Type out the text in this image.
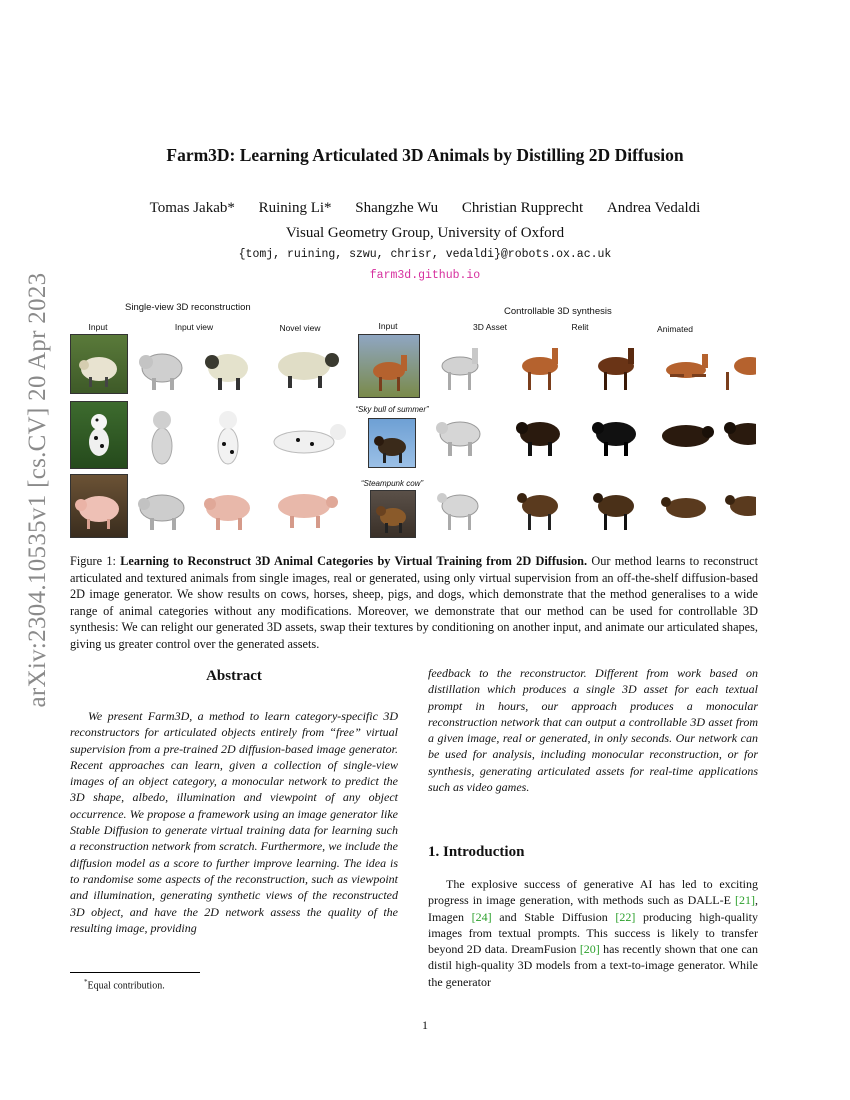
arXiv:2304.10535v1 [cs.CV] 20 Apr 2023
Farm3D: Learning Articulated 3D Animals by Distilling 2D Diffusion
Tomas Jakab* Ruining Li* Shangzhe Wu Christian Rupprecht Andrea Vedaldi
Visual Geometry Group, University of Oxford
{tomj, ruining, szwu, chrisr, vedaldi}@robots.ox.ac.uk
farm3d.github.io
Single-view 3D reconstruction	Controllable 3D synthesis
Input	Input view	Novel view	Input	3D Asset	Relit	Animated
“Sky bull of summer”
“Steampunk cow”
Figure 1: Learning to Reconstruct 3D Animal Categories by Virtual Training from 2D Diffusion. Our method learns to reconstruct articulated and textured animals from single images, real or generated, using only virtual supervision from an off-the-shelf diffusion-based 2D image generator. We show results on cows, horses, sheep, pigs, and dogs, which demonstrate that the method generalises to a wide range of animal categories without any modifications. Moreover, we demonstrate that our method can be used for controllable 3D synthesis: We can relight our generated 3D assets, swap their textures by conditioning on another input, and animate our articulated shapes, giving us greater control over the generated assets.
Abstract
We present Farm3D, a method to learn category-specific 3D reconstructors for articulated objects entirely from “free” virtual supervision from a pre-trained 2D diffusion-based image generator. Recent approaches can learn, given a collection of single-view images of an object category, a monocular network to predict the 3D shape, albedo, illumination and viewpoint of any object occurrence. We propose a framework using an image generator like Stable Diffusion to generate virtual training data for learning such a reconstruction network from scratch. Furthermore, we include the diffusion model as a score to further improve learning. The idea is to randomise some aspects of the reconstruction, such as viewpoint and illumination, generating synthetic views of the reconstructed 3D object, and have the 2D network assess the quality of the resulting image, providing
feedback to the reconstructor. Different from work based on distillation which produces a single 3D asset for each textual prompt in hours, our approach produces a monocular reconstruction network that can output a controllable 3D asset from a given image, real or generated, in only seconds. Our network can be used for analysis, including monocular reconstruction, or for synthesis, generating articulated assets for real-time applications such as video games.
1. Introduction
The explosive success of generative AI has led to exciting progress in image generation, with methods such as DALL-E [21], Imagen [24] and Stable Diffusion [22] producing high-quality images from textual prompts. This success is likely to transfer beyond 2D data. DreamFusion [20] has recently shown that one can distil high-quality 3D models from a text-to-image generator. While the generator
*Equal contribution.
1
